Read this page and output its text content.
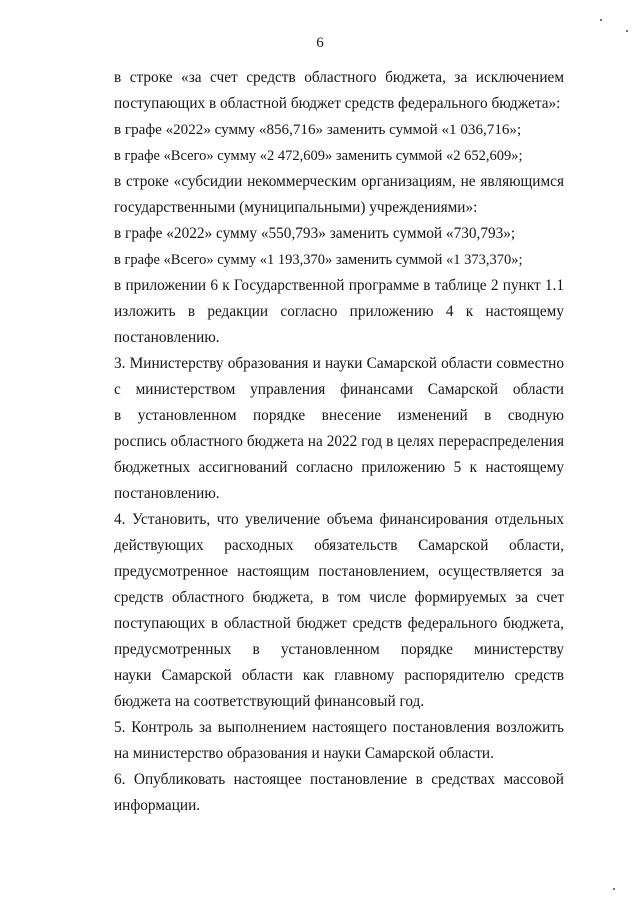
6
в строке «за счет средств областного бюджета, за исключением
поступающих в областной бюджет средств федерального бюджета»:
в графе «2022» сумму «856,716» заменить суммой «1 036,716»;
в графе «Всего» сумму «2 472,609» заменить суммой «2 652,609»;
в строке «субсидии некоммерческим организациям, не являющимся
государственными (муниципальными) учреждениями»:
в графе «2022» сумму «550,793» заменить суммой «730,793»;
в графе «Всего» сумму «1 193,370» заменить суммой «1 373,370»;
в приложении 6 к Государственной программе в таблице 2 пункт 1.1
изложить в редакции согласно приложению 4 к настоящему
постановлению.
3. Министерству образования и науки Самарской области совместно
с министерством управления финансами Самарской области
в установленном порядке внесение изменений в сводную
роспись областного бюджета на 2022 год в целях перераспределения
бюджетных ассигнований согласно приложению 5 к настоящему
постановлению.
4. Установить, что увеличение объема финансирования отдельных
действующих расходных обязательств Самарской области,
предусмотренное настоящим постановлением, осуществляется за
средств областного бюджета, в том числе формируемых за счет
поступающих в областной бюджет средств федерального бюджета,
предусмотренных в установленном порядке министерству
науки Самарской области как главному распорядителю средств
бюджета на соответствующий финансовый год.
5. Контроль за выполнением настоящего постановления возложить
на министерство образования и науки Самарской области.
6. Опубликовать настоящее постановление в средствах массовой
информации.
